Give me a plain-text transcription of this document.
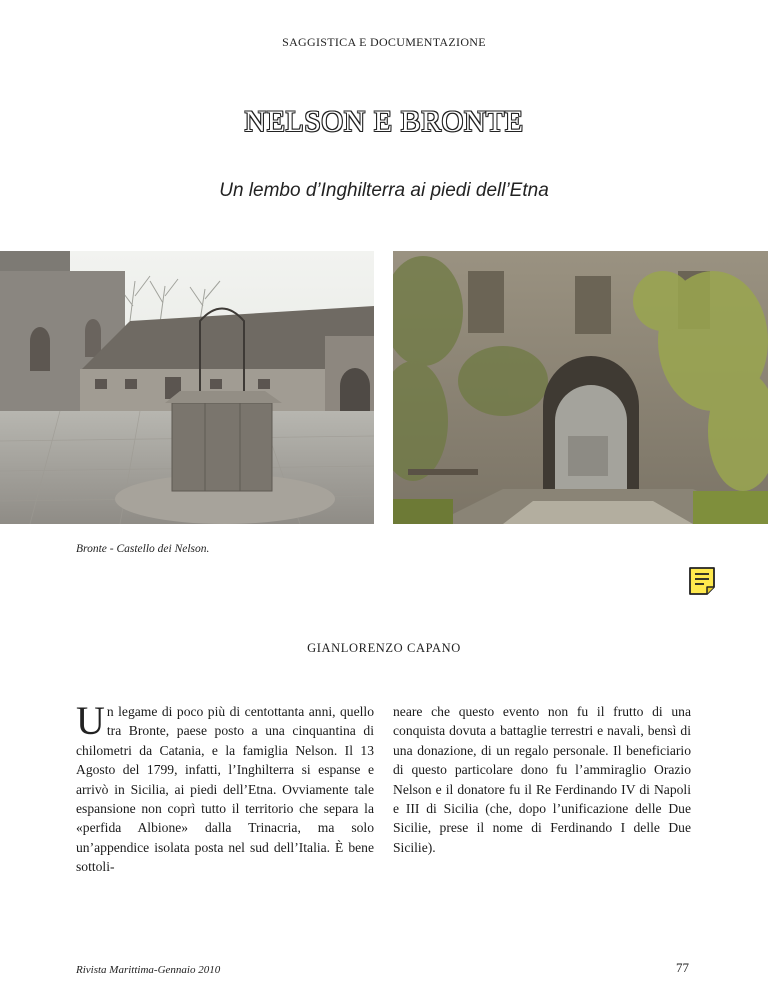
SAGGISTICA E DOCUMENTAZIONE
NELSON E BRONTE
Un lembo d’Inghilterra ai piedi dell’Etna
Bronte - Castello dei Nelson.
GIANLORENZO CAPANO

Un legame di poco più di centottanta anni, quello tra Bronte, paese posto a una cinquantina di chilometri da Catania, e la famiglia Nelson. Il 13 Agosto del 1799, infatti, l’Inghilterra si espanse e arrivò in Sicilia, ai piedi dell’Etna. Ovviamente tale espansione non coprì tutto il territorio che separa la «perfida Albione» dalla Trinacria, ma solo un’appendice isolata posta nel sud dell’Italia. È bene sottoli-

neare che questo evento non fu il frutto di una conquista dovuta a battaglie terrestri e navali, bensì di una donazione, di un regalo personale. Il beneficiario di questo particolare dono fu l’ammiraglio Orazio Nelson e il donatore fu il Re Ferdinando IV di Napoli e III di Sicilia (che, dopo l’unificazione delle Due Sicilie, prese il nome di Ferdinando I delle Due Sicilie).

Rivista Marittima-Gennaio 2010	77
